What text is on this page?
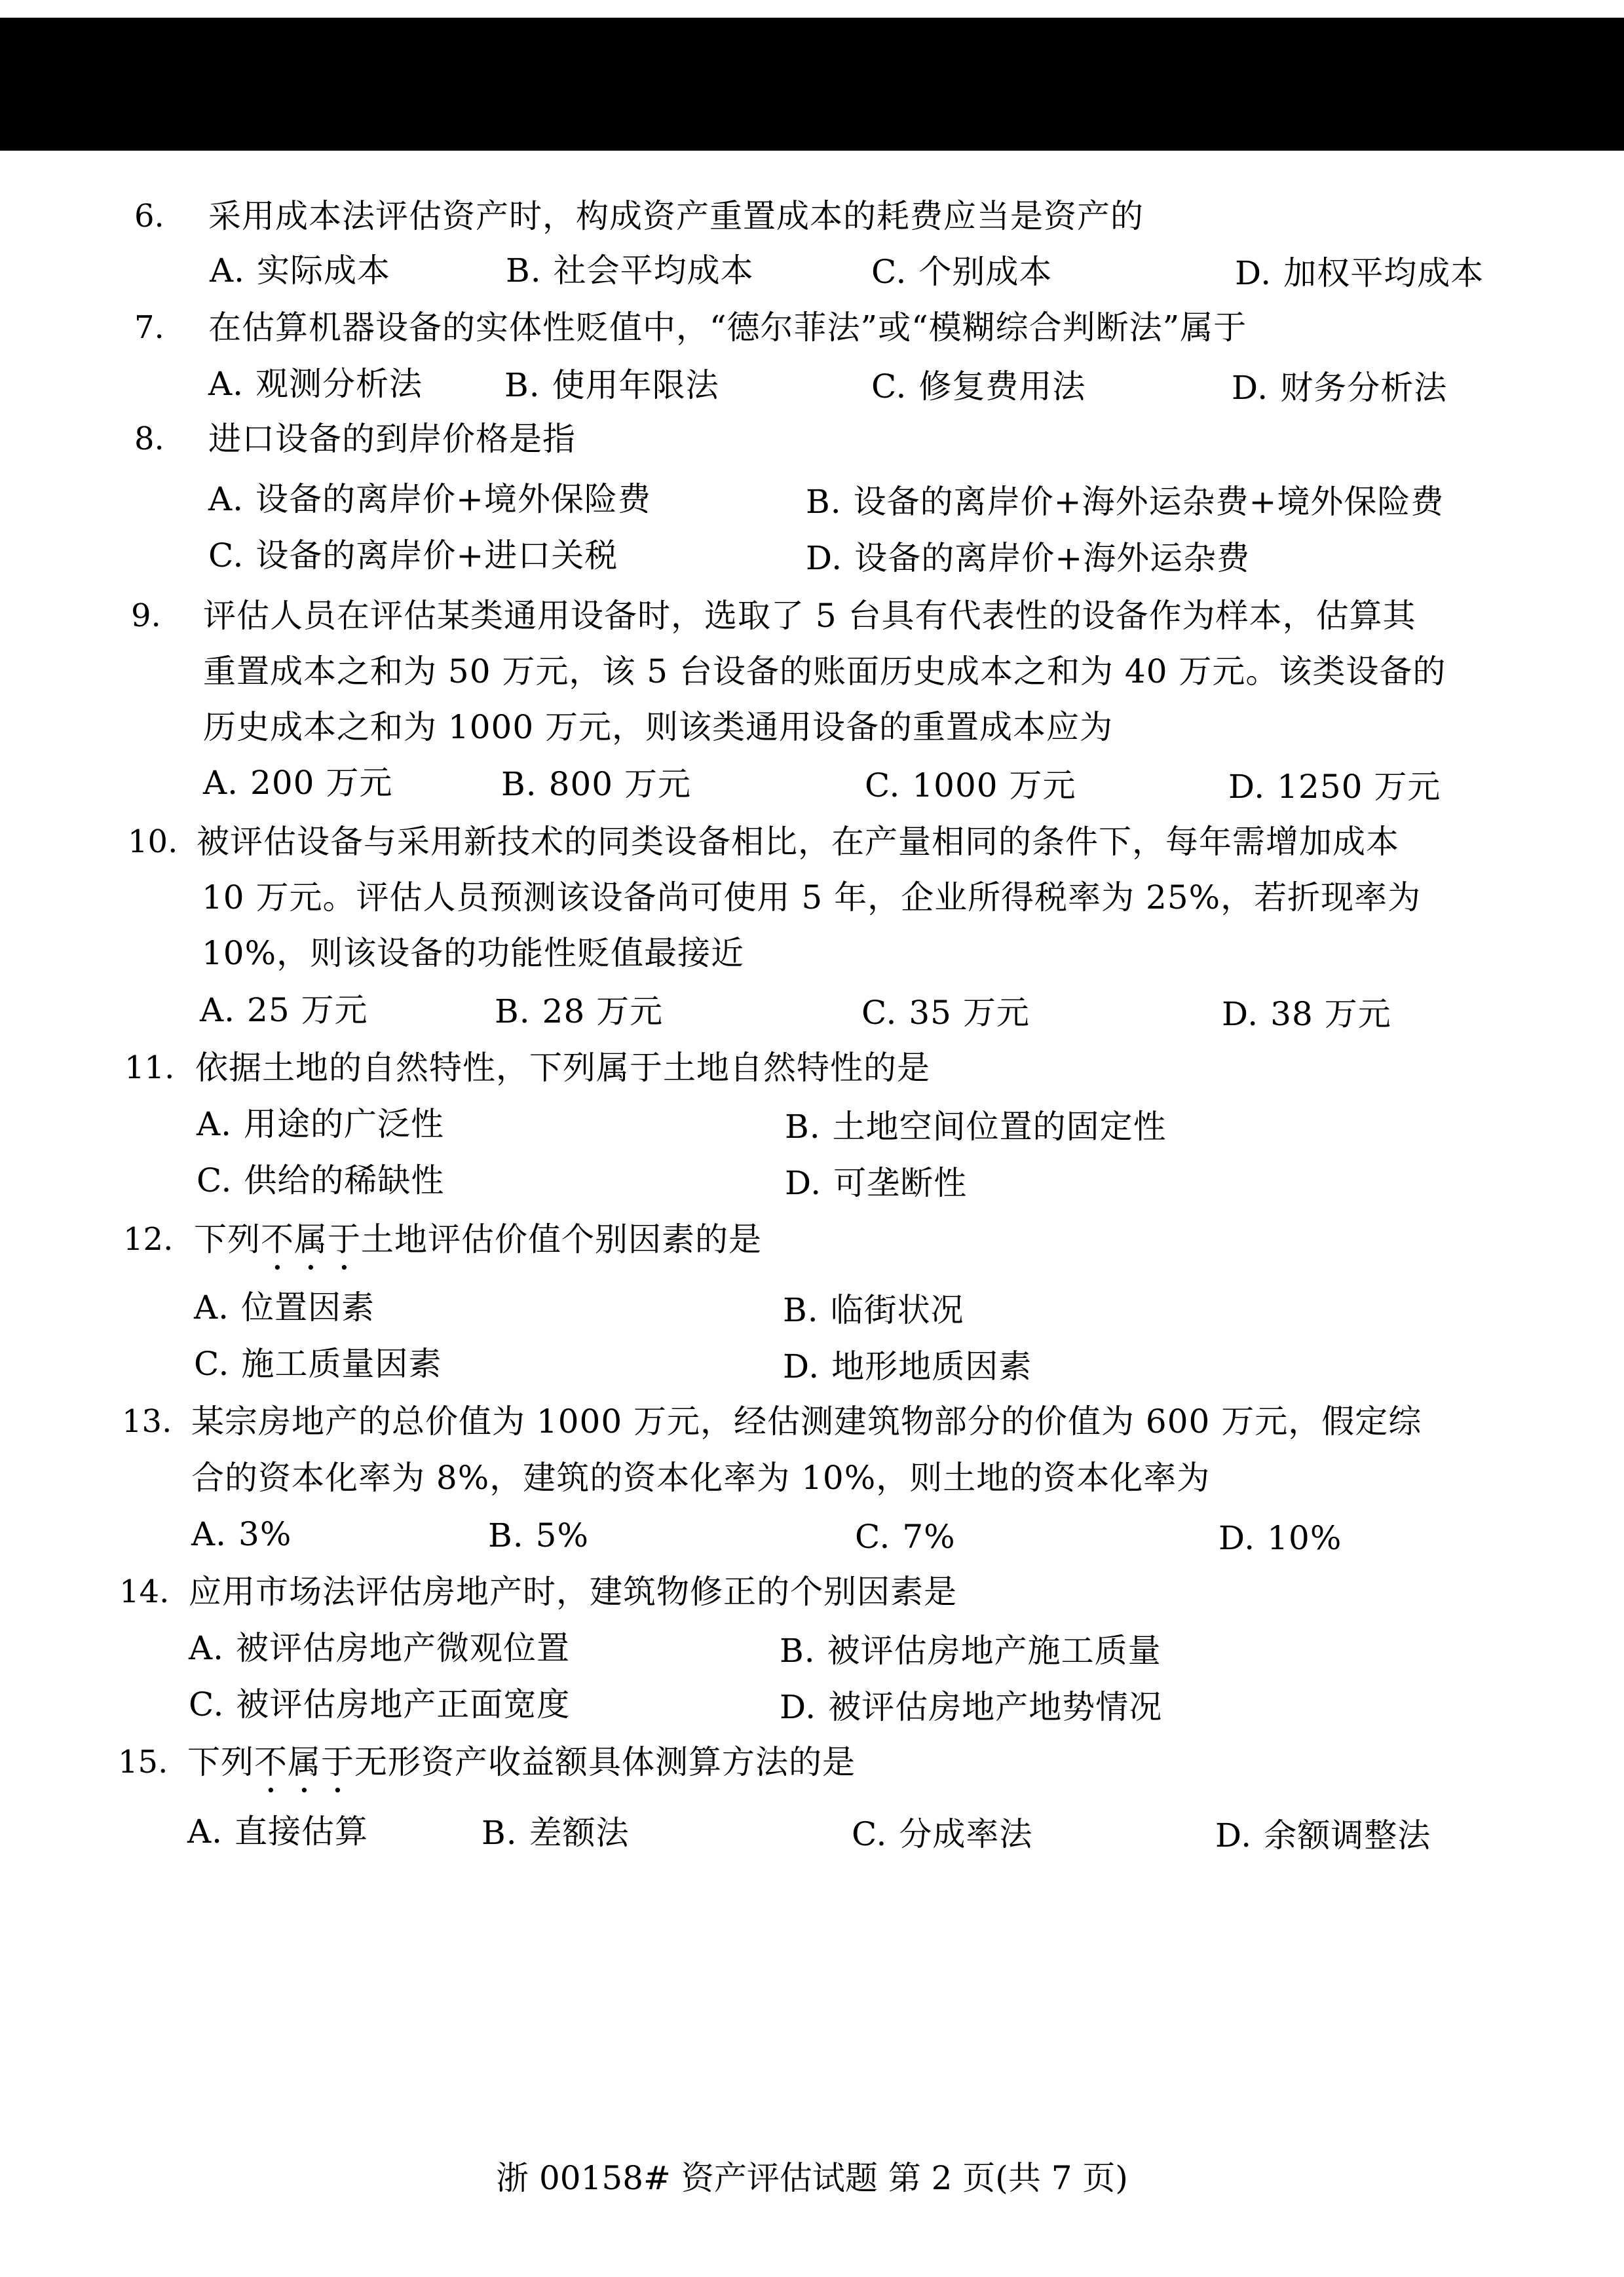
6. 采用成本法评估资产时，构成资产重置成本的耗费应当是资产的
A. 实际成本	B. 社会平均成本	C. 个别成本	D. 加权平均成本
7. 在估算机器设备的实体性贬值中，“德尔菲法”或“模糊综合判断法”属于
A. 观测分析法 B. 使用年限法	C. 修复费用法	D. 财务分析法
8. 进口设备的到岸价格是指
A. 设备的离岸价+境外保险费	B. 设备的离岸价+海外运杂费+境外保险费
C. 设备的离岸价+进口关税	D. 设备的离岸价+海外运杂费
9. 评估人员在评估某类通用设备时，选取了 5 台具有代表性的设备作为样本，估算其
重置成本之和为 50 万元，该 5 台设备的账面历史成本之和为 40 万元。该类设备的
历史成本之和为 1000 万元，则该类通用设备的重置成本应为
A. 200 万元	B. 800 万元	C. 1000 万元	D. 1250 万元
10. 被评估设备与采用新技术的同类设备相比，在产量相同的条件下，每年需增加成本
10 万元。评估人员预测该设备尚可使用 5 年，企业所得税率为 25%，若折现率为
10%，则该设备的功能性贬值最接近
A. 25 万元	B. 28 万元	C. 35 万元	D. 38 万元
11. 依据土地的自然特性，下列属于土地自然特性的是
A. 用途的广泛性	B. 土地空间位置的固定性
C. 供给的稀缺性	D. 可垄断性
12. 下列不属于土地评估价值个别因素的是
A. 位置因素	B. 临街状况
C. 施工质量因素	D. 地形地质因素
13. 某宗房地产的总价值为 1000 万元，经估测建筑物部分的价值为 600 万元，假定综
合的资本化率为 8%，建筑的资本化率为 10%，则土地的资本化率为
A. 3%	B. 5%	C. 7%	D. 10%
14. 应用市场法评估房地产时，建筑物修正的个别因素是
A. 被评估房地产微观位置	B. 被评估房地产施工质量
C. 被评估房地产正面宽度	D. 被评估房地产地势情况
15. 下列不属于无形资产收益额具体测算方法的是
A. 直接估算	B. 差额法	C. 分成率法	D. 余额调整法
浙 00158# 资产评估试题 第 2 页(共 7 页)
